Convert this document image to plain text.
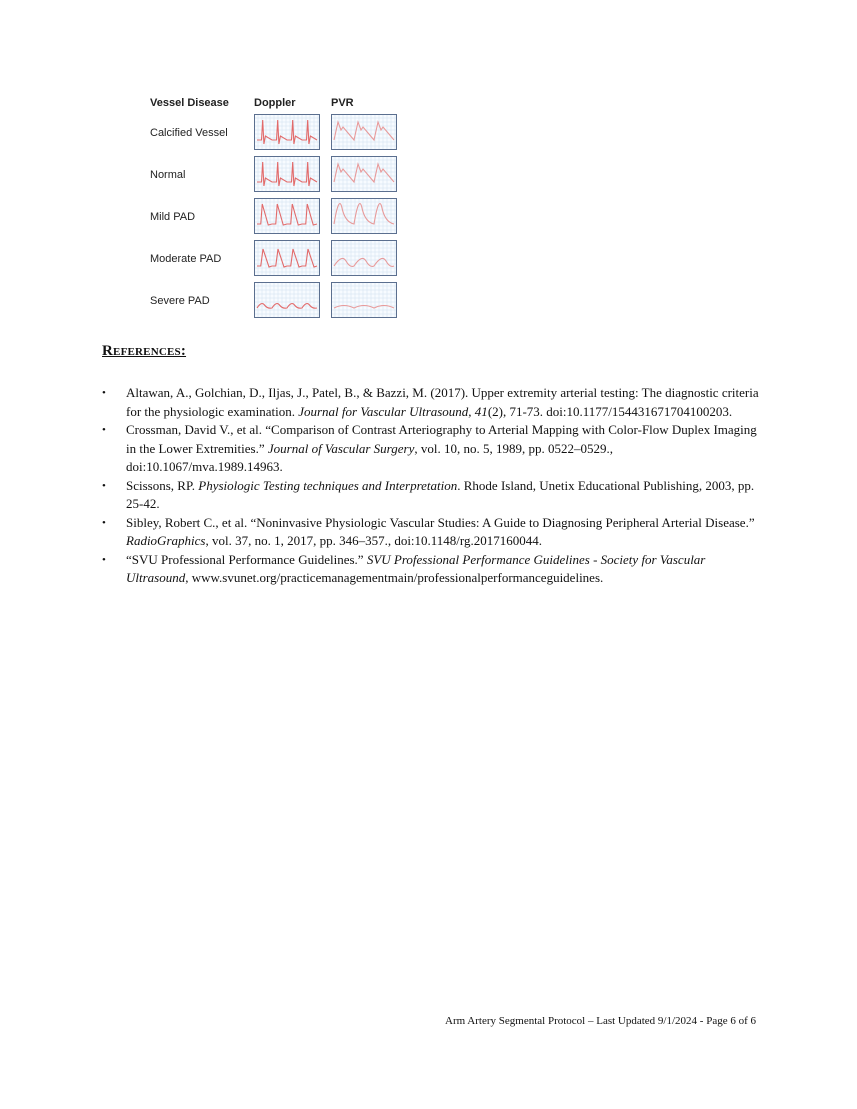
Vessel Disease Doppler	PVR
Calcified Vessel
Normal
Mild PAD
Moderate PAD
Severe PAD
References:
• Altawan, A., Golchian, D., Iljas, J., Patel, B., & Bazzi, M. (2017). Upper extremity arterial testing: The diagnostic criteria for the physiologic examination. Journal for Vascular Ultrasound, 41(2), 71-73. doi:10.1177/154431671704100203.
• Crossman, David V., et al. “Comparison of Contrast Arteriography to Arterial Mapping with Color-Flow Duplex Imaging in the Lower Extremities.” Journal of Vascular Surgery, vol. 10, no. 5, 1989, pp. 0522–0529., doi:10.1067/mva.1989.14963.
• Scissons, RP. Physiologic Testing techniques and Interpretation. Rhode Island, Unetix Educational Publishing, 2003, pp. 25-42.
• Sibley, Robert C., et al. “Noninvasive Physiologic Vascular Studies: A Guide to Diagnosing Peripheral Arterial Disease.” RadioGraphics, vol. 37, no. 1, 2017, pp. 346–357., doi:10.1148/rg.2017160044.
• “SVU Professional Performance Guidelines.” SVU Professional Performance Guidelines - Society for Vascular Ultrasound, www.svunet.org/practicemanagementmain/professionalperformanceguidelines.
Arm Artery Segmental Protocol – Last Updated 9/1/2024 - Page 6 of 6
